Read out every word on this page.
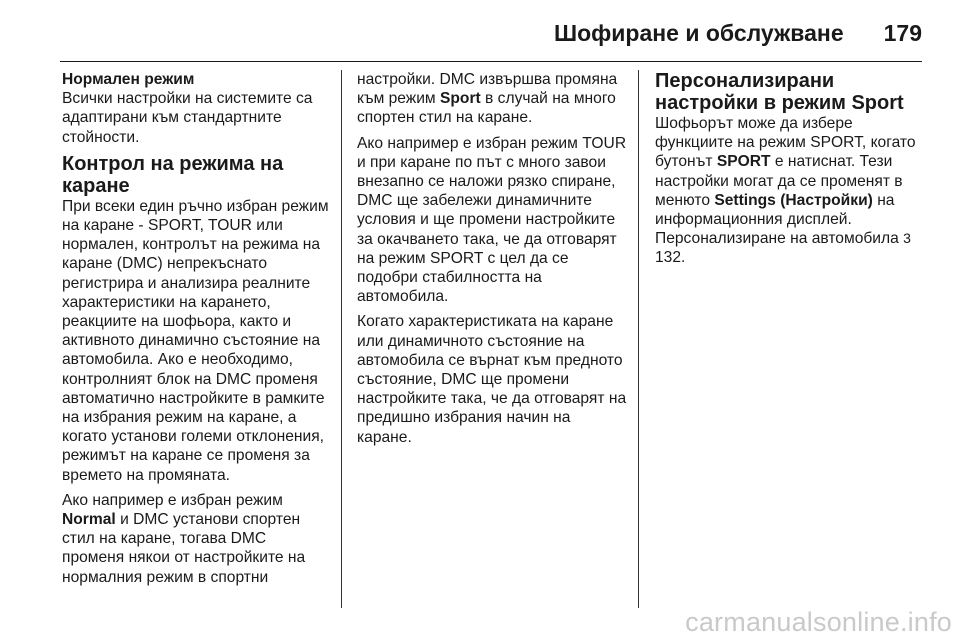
Шофиране и обслужване 179
Нормален режим

Всички настройки на системите са адаптирани към стандартните стойности.

Контрол на режима на каране

При всеки един ръчно избран режим на каране - SPORT, TOUR или нормален, контролът на режима на каране (DMC) непрекъснато регистрира и анализира реалните характеристики на карането, реакциите на шофьора, както и активното динамично състояние на автомобила. Ако е необходимо, контролният блок на DMC променя автоматично настройките в рамките на избрания режим на каране, а когато установи големи отклонения, режимът на каране се променя за времето на промяната.

Ако например е избран режим Normal и DMC установи спортен стил на каране, тогава DMC променя някои от настройките на нормалния режим в спортни

настройки. DMC извършва промяна към режим Sport в случай на много спортен стил на каране.

Ако например е избран режим TOUR и при каране по път с много завои внезапно се наложи рязко спиране, DMC ще забележи динамичните условия и ще промени настройките за окачването така, че да отговарят на режим SPORT с цел да се подобри стабилността на автомобила.

Когато характеристиката на каране или динамичното състояние на автомобила се върнат към предното състояние, DMC ще промени настройките така, че да отговарят на предишно избрания начин на каране.

Персонализирани настройки в режим Sport

Шофьорът може да избере функциите на режим SPORT, когато бутонът SPORT е натиснат. Тези настройки могат да се променят в менюто Settings (Настройки) на информационния дисплей. Персонализиране на автомобила 3 132.

carmanualsonline.info
